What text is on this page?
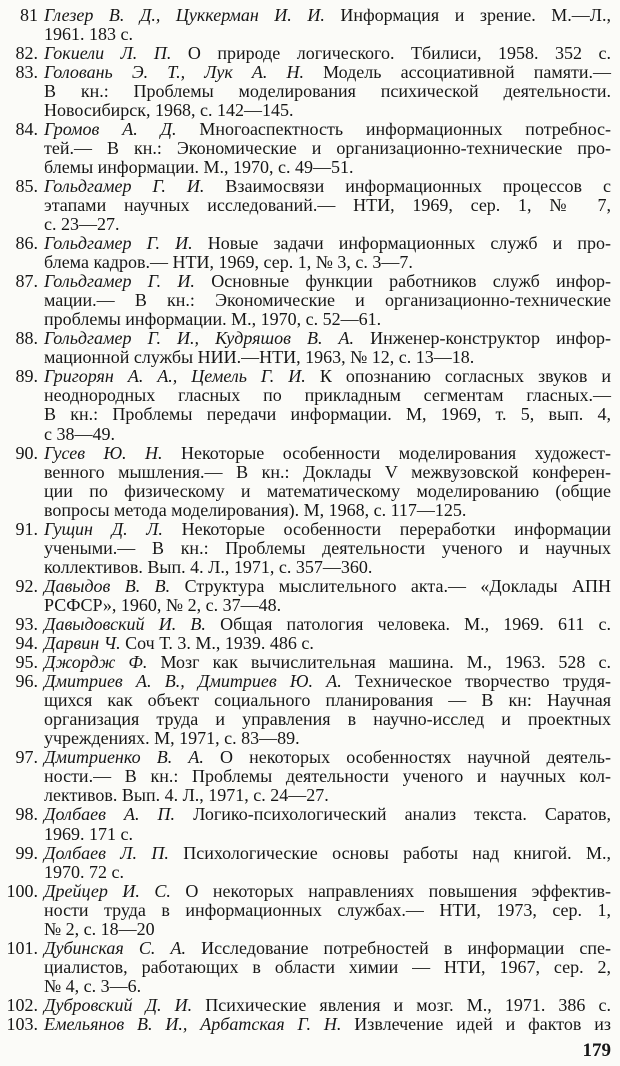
81 Глезер В. Д., Цуккерман И. И. Информация и зрение. М.—Л.,
1961. 183 с.
82. Гокиели Л. П. О природе логического. Тбилиси, 1958. 352 с.
83. Головань Э. Т., Лук А. Н. Модель ассоциативной памяти.—
В кн.: Проблемы моделирования психической деятельности.
Новосибирск, 1968, с. 142—145.
84. Громов А. Д. Многоаспектность информационных потребнос-
тей.— В кн.: Экономические и организационно-технические про-
блемы информации. М., 1970, с. 49—51.
85. Гольдгамер Г. И. Взаимосвязи информационных процессов с
этапами научных исследований.— НТИ, 1969, сер. 1, № 7,
с. 23—27.
86. Гольдгамер Г. И. Новые задачи информационных служб и про-
блема кадров.— НТИ, 1969, сер. 1, № 3, с. 3—7.
87. Гольдгамер Г. И. Основные функции работников служб инфор-
мации.— В кн.: Экономические и организационно-технические
проблемы информации. М., 1970, с. 52—61.
88. Гольдгамер Г. И., Кудряшов В. А. Инженер-конструктор инфор-
мационной службы НИИ.—НТИ, 1963, № 12, с. 13—18.
89. Григорян А. А., Цемель Г. И. К опознанию согласных звуков и
неоднородных гласных по прикладным сегментам гласных.—
В кн.: Проблемы передачи информации. М, 1969, т. 5, вып. 4,
с 38—49.
90. Гусев Ю. Н. Некоторые особенности моделирования художест-
венного мышления.— В кн.: Доклады V межвузовской конферен-
ции по физическому и математическому моделированию (общие
вопросы метода моделирования). М, 1968, с. 117—125.
91. Гущин Д. Л. Некоторые особенности переработки информации
учеными.— В кн.: Проблемы деятельности ученого и научных
коллективов. Вып. 4. Л., 1971, с. 357—360.
92. Давыдов В. В. Структура мыслительного акта.— «Доклады АПН
РСФСР», 1960, № 2, с. 37—48.
93. Давыдовский И. В. Общая патология человека. М., 1969. 611 с.
94. Дарвин Ч. Соч Т. 3. М., 1939. 486 с.
95. Джордж Ф. Мозг как вычислительная машина. М., 1963. 528 с.
96. Дмитриев А. В., Дмитриев Ю. А. Техническое творчество трудя-
щихся как объект социального планирования — В кн: Научная
организация труда и управления в научно-исслед и проектных
учреждениях. М, 1971, с. 83—89.
97. Дмитриенко В. А. О некоторых особенностях научной деятель-
ности.— В кн.: Проблемы деятельности ученого и научных кол-
лективов. Вып. 4. Л., 1971, с. 24—27.
98. Долбаев А. П. Логико-психологический анализ текста. Саратов,
1969. 171 с.
99. Долбаев Л. П. Психологические основы работы над книгой. М.,
1970. 72 с.
100. Дрейцер И. С. О некоторых направлениях повышения эффектив-
ности труда в информационных службах.— НТИ, 1973, сер. 1,
№ 2, с. 18—20
101. Дубинская С. А. Исследование потребностей в информации спе-
циалистов, работающих в области химии — НТИ, 1967, сер. 2,
№ 4, с. 3—6.
102. Дубровский Д. И. Психические явления и мозг. М., 1971. 386 с.
103. Емельянов В. И., Арбатская Г. Н. Извлечение идей и фактов из
179
